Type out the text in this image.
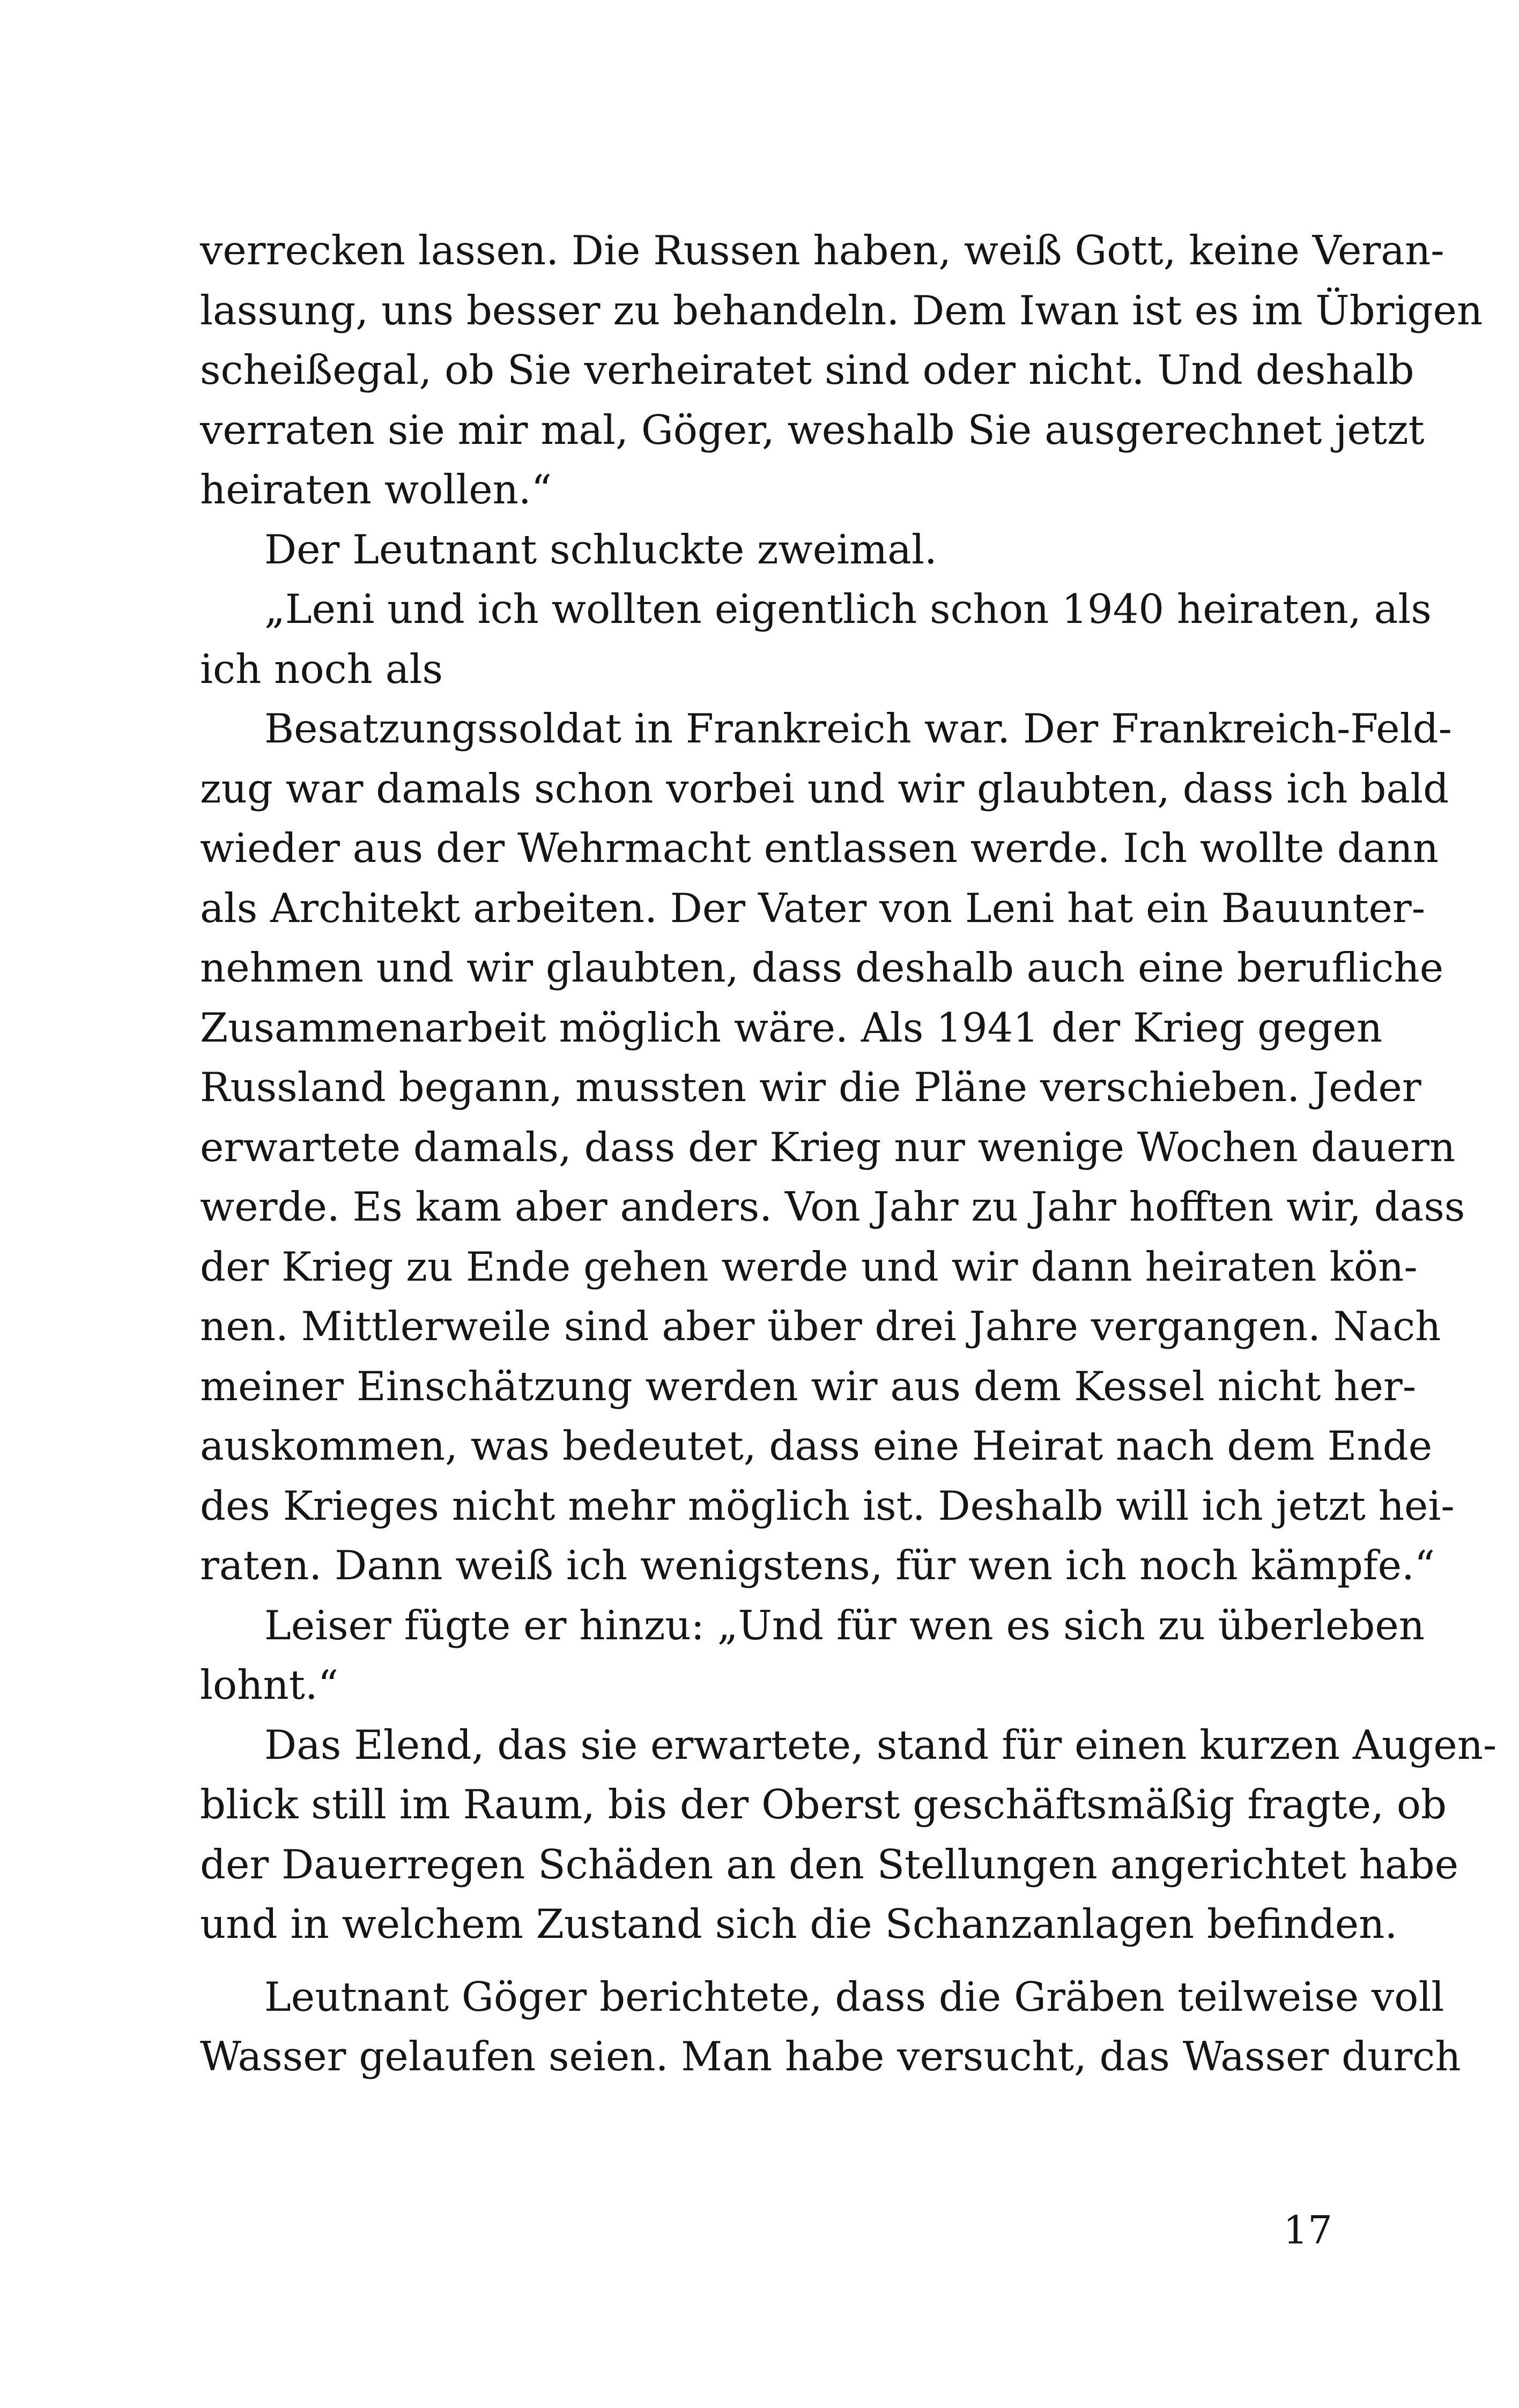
verrecken lassen. Die Russen haben, weiß Gott, keine Veran-
lassung, uns besser zu behandeln. Dem Iwan ist es im Übrigen
scheißegal, ob Sie verheiratet sind oder nicht. Und deshalb
verraten sie mir mal, Göger, weshalb Sie ausgerechnet jetzt
heiraten wollen.“
Der Leutnant schluckte zweimal.
„Leni und ich wollten eigentlich schon 1940 heiraten, als
ich noch als
Besatzungssoldat in Frankreich war. Der Frankreich-Feld-
zug war damals schon vorbei und wir glaubten, dass ich bald
wieder aus der Wehrmacht entlassen werde. Ich wollte dann
als Architekt arbeiten. Der Vater von Leni hat ein Bauunter-
nehmen und wir glaubten, dass deshalb auch eine berufliche
Zusammenarbeit möglich wäre. Als 1941 der Krieg gegen
Russland begann, mussten wir die Pläne verschieben. Jeder
erwartete damals, dass der Krieg nur wenige Wochen dauern
werde. Es kam aber anders. Von Jahr zu Jahr hofften wir, dass
der Krieg zu Ende gehen werde und wir dann heiraten kön-
nen. Mittlerweile sind aber über drei Jahre vergangen. Nach
meiner Einschätzung werden wir aus dem Kessel nicht her-
auskommen, was bedeutet, dass eine Heirat nach dem Ende
des Krieges nicht mehr möglich ist. Deshalb will ich jetzt hei-
raten. Dann weiß ich wenigstens, für wen ich noch kämpfe.“
Leiser fügte er hinzu: „Und für wen es sich zu überleben
lohnt.“
Das Elend, das sie erwartete, stand für einen kurzen Augen-
blick still im Raum, bis der Oberst geschäftsmäßig fragte, ob
der Dauerregen Schäden an den Stellungen angerichtet habe
und in welchem Zustand sich die Schanzanlagen befinden.
Leutnant Göger berichtete, dass die Gräben teilweise voll
Wasser gelaufen seien. Man habe versucht, das Wasser durch
17
